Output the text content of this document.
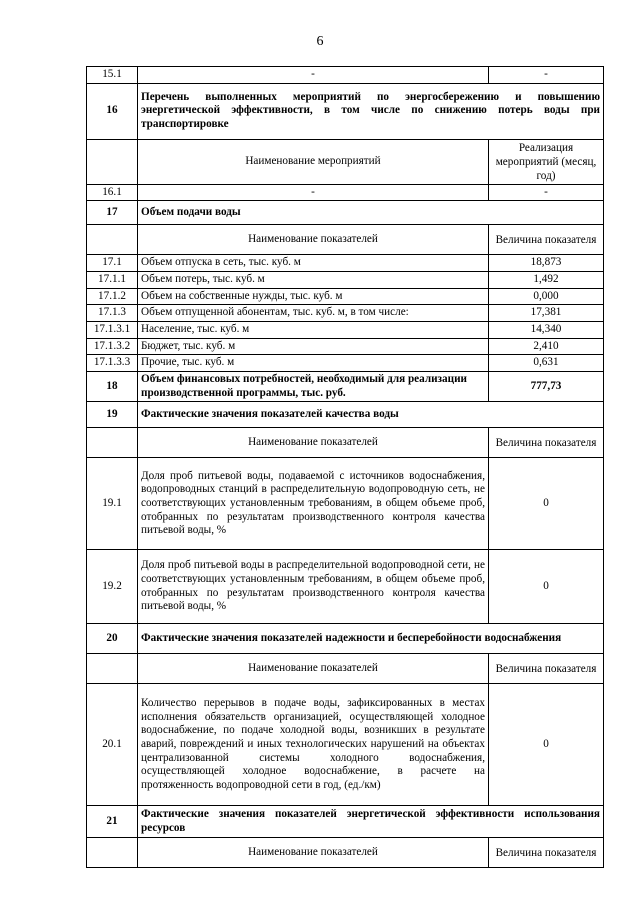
6
15.1	-	-
16	Перечень выполненных мероприятий по энергосбережению и повышению энергетической эффективности, в том числе по снижению потерь воды при транспортировке	
	Наименование мероприятий	Реализация мероприятий (месяц, год)
16.1	-	-
17	Объем подачи воды	
	Наименование показателей	Величина показателя
17.1	Объем отпуска в сеть, тыс. куб. м	18,873
17.1.1	Объем потерь, тыс. куб. м	1,492
17.1.2	Объем на собственные нужды, тыс. куб. м	0,000
17.1.3	Объем отпущенной абонентам, тыс. куб. м, в том числе:	17,381
17.1.3.1	Население, тыс. куб. м	14,340
17.1.3.2	Бюджет, тыс. куб. м	2,410
17.1.3.3	Прочие, тыс. куб. м	0,631
18	Объем финансовых потребностей, необходимый для реализации производственной программы, тыс. руб.	777,73
19	Фактические значения показателей качества воды	
	Наименование показателей	Величина показателя
19.1	Доля проб питьевой воды, подаваемой с источников водоснабжения, водопроводных станций в распределительную водопроводную сеть, не соответствующих установленным требованиям, в общем объеме проб, отобранных по результатам производственного контроля качества питьевой воды, %	0
19.2	Доля проб питьевой воды в распределительной водопроводной сети, не соответствующих установленным требованиям, в общем объеме проб, отобранных по результатам производственного контроля качества питьевой воды, %	0
20	Фактические значения показателей надежности и бесперебойности водоснабжения	
	Наименование показателей	Величина показателя
20.1	Количество перерывов в подаче воды, зафиксированных в местах исполнения обязательств организацией, осуществляющей холодное водоснабжение, по подаче холодной воды, возникших в результате аварий, повреждений и иных технологических нарушений на объектах централизованной системы холодного водоснабжения, осуществляющей холодное водоснабжение, в расчете на протяженность водопроводной сети в год, (ед./км)	0
21	Фактические значения показателей энергетической эффективности использования ресурсов	
	Наименование показателей	Величина показателя
